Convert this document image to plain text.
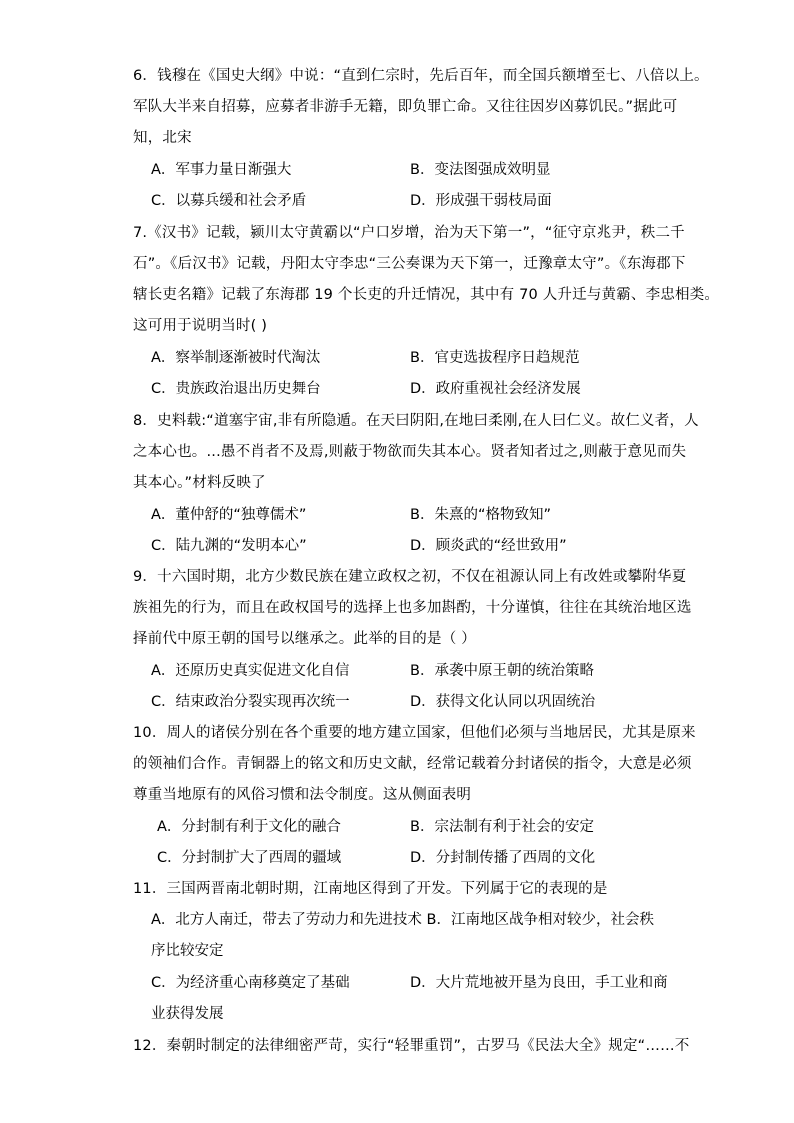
6．钱穆在《国史大纲》中说：“直到仁宗时，先后百年，而全国兵额增至七、八倍以上。
军队大半来自招募，应募者非游手无籍，即负罪亡命。又往往因岁凶募饥民。”据此可
知，北宋
A．军事力量日渐强大	B．变法图强成效明显
C．以募兵缓和社会矛盾	D．形成强干弱枝局面
7.《汉书》记载，颍川太守黄霸以“户口岁增，治为天下第一”，“征守京兆尹，秩二千
石”。《后汉书》记载，丹阳太守李忠“三公奏课为天下第一，迁豫章太守”。《东海郡下
辖长吏名籍》记载了东海郡 19 个长吏的升迁情况，其中有 70 人升迁与黄霸、李忠相类。
这可用于说明当时( )
A．察举制逐渐被时代淘汰	B．官吏选拔程序日趋规范
C．贵族政治退出历史舞台	D．政府重视社会经济发展
8．史料载:“道塞宇宙,非有所隐遁。在天曰阴阳,在地曰柔刚,在人曰仁义。故仁义者，人
之本心也。...愚不肖者不及焉,则蔽于物欲而失其本心。贤者知者过之,则蔽于意见而失
其本心。”材料反映了
A．董仲舒的“独尊儒术”	B．朱熹的“格物致知”
C．陆九渊的“发明本心”	D．顾炎武的“经世致用”
9．十六国时期，北方少数民族在建立政权之初，不仅在祖源认同上有改姓或攀附华夏
族祖先的行为，而且在政权国号的选择上也多加斟酌，十分谨慎，往往在其统治地区选
择前代中原王朝的国号以继承之。此举的目的是（ ）
A．还原历史真实促进文化自信	B．承袭中原王朝的统治策略
C．结束政治分裂实现再次统一	D．获得文化认同以巩固统治
10．周人的诸侯分别在各个重要的地方建立国家，但他们必须与当地居民，尤其是原来
的领袖们合作。青铜器上的铭文和历史文献，经常记载着分封诸侯的指令，大意是必须
尊重当地原有的风俗习惯和法令制度。这从侧面表明
A．分封制有利于文化的融合	B．宗法制有利于社会的安定
C．分封制扩大了西周的疆域	D．分封制传播了西周的文化
11．三国两晋南北朝时期，江南地区得到了开发。下列属于它的表现的是
A．北方人南迁，带去了劳动力和先进技术 B．江南地区战争相对较少，社会秩
序比较安定
C．为经济重心南移奠定了基础	D．大片荒地被开垦为良田，手工业和商
业获得发展
12．秦朝时制定的法律细密严苛，实行“轻罪重罚”，古罗马《民法大全》规定“……不
